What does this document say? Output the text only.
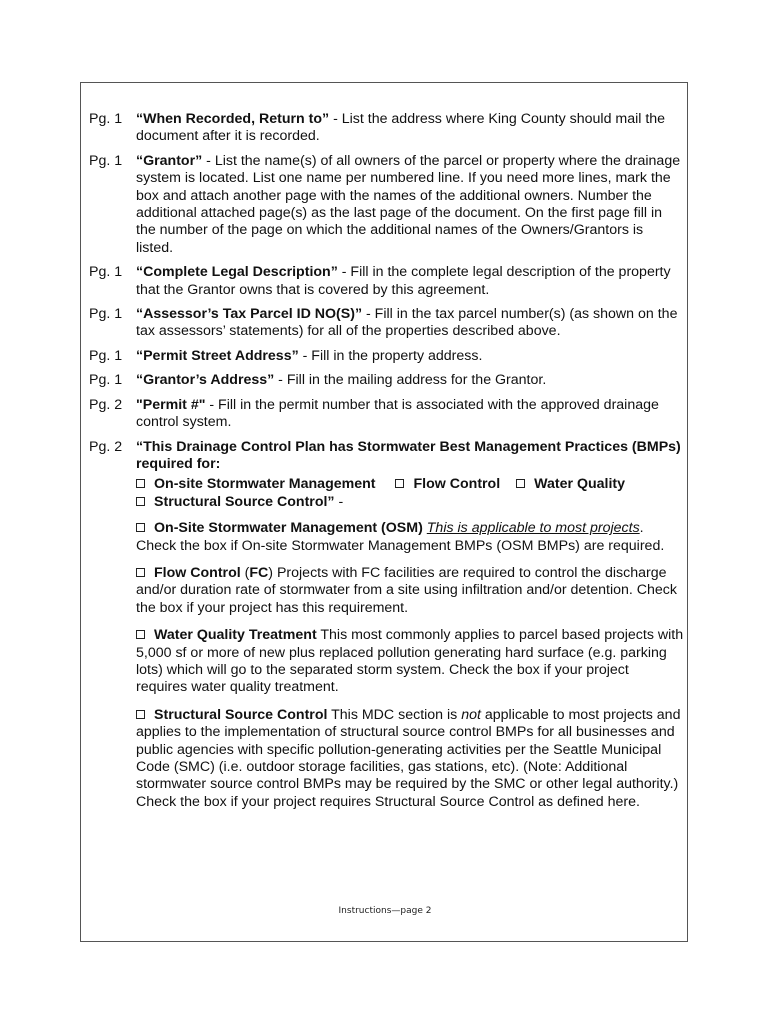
Pg. 1 “When Recorded, Return to” - List the address where King County should mail the document after it is recorded.
Pg. 1 “Grantor” - List the name(s) of all owners of the parcel or property where the drainage system is located. List one name per numbered line. If you need more lines, mark the box and attach another page with the names of the additional owners. Number the additional attached page(s) as the last page of the document. On the first page fill in the number of the page on which the additional names of the Owners/Grantors is listed.
Pg. 1 “Complete Legal Description” - Fill in the complete legal description of the property that the Grantor owns that is covered by this agreement.
Pg. 1 “Assessor’s Tax Parcel ID NO(S)” - Fill in the tax parcel number(s) (as shown on the tax assessors’ statements) for all of the properties described above.
Pg. 1 “Permit Street Address” - Fill in the property address.
Pg. 1 “Grantor’s Address” - Fill in the mailing address for the Grantor.
Pg. 2 "Permit #" - Fill in the permit number that is associated with the approved drainage control system.
Pg. 2 “This Drainage Control Plan has Stormwater Best Management Practices (BMPs) required for:
On-site Stormwater Management	Flow Control Water Quality
Structural Source Control” -
On-Site Stormwater Management (OSM) This is applicable to most projects. Check the box if On-site Stormwater Management BMPs (OSM BMPs) are required.
Flow Control (FC) Projects with FC facilities are required to control the discharge and/or duration rate of stormwater from a site using infiltration and/or detention. Check the box if your project has this requirement.
Water Quality Treatment This most commonly applies to parcel based projects with 5,000 sf or more of new plus replaced pollution generating hard surface (e.g. parking lots) which will go to the separated storm system. Check the box if your project requires water quality treatment.
Structural Source Control This MDC section is not applicable to most projects and applies to the implementation of structural source control BMPs for all businesses and public agencies with specific pollution-generating activities per the Seattle Municipal Code (SMC) (i.e. outdoor storage facilities, gas stations, etc). (Note: Additional stormwater source control BMPs may be required by the SMC or other legal authority.) Check the box if your project requires Structural Source Control as defined here.
Instructions—page 2
